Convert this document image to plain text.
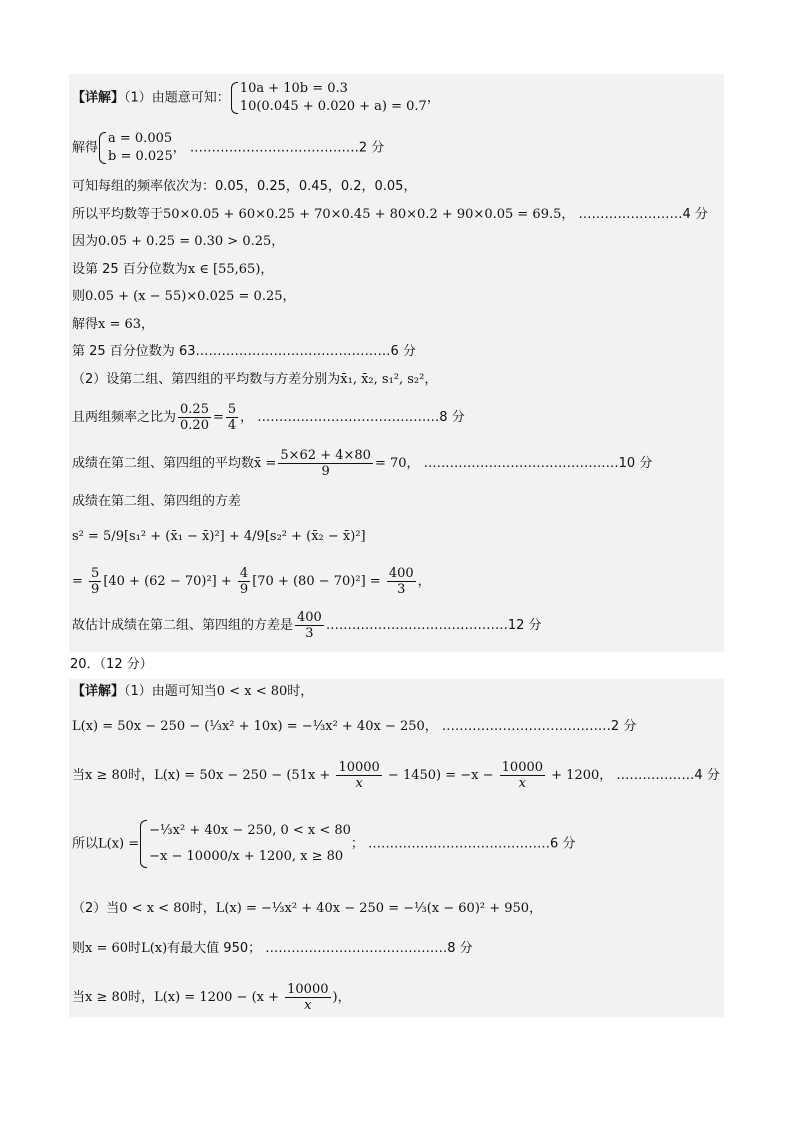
【详解】（1）由题意可知：
10a + 10b = 0.3
10(0.045 + 0.020 + a) = 0.7
，
解得
a = 0.005
b = 0.025
， …………………………………2 分
可知每组的频率依次为：0.05，0.25，0.45，0.2，0.05，
所以平均数等于50×0.05 + 60×0.25 + 70×0.45 + 80×0.2 + 90×0.05 = 69.5， ……………………4 分
因为0.05 + 0.25 = 0.30 > 0.25，
设第 25 百分位数为x ∈ [55,65)，
则0.05 + (x − 55)×0.025 = 0.25，
解得x = 63，
第 25 百分位数为 63………………………………………6 分
（2）设第二组、第四组的平均数与方差分别为x̄₁, x̄₂, s₁², s₂²，
且两组频率之比为 $\frac{0.25}{0.20} = \frac{5}{4}$ ， ……………………………………8 分
成绩在第二组、第四组的平均数x̄ = $\frac{5\times 62 + 4\times 80}{9} = 70$， ………………………………………10 分
成绩在第二组、第四组的方差
s² = 5/9[s₁² + (x̄₁ − x̄)²] + 4/9[s₂² + (x̄₂ − x̄)²]
= $\frac{5}{9} [40 + (62 - 70)^2] + \frac{4}{9} [70 + (80 - 70)^2] = \frac{400}{3}$ ，
故估计成绩在第二组、第四组的方差是 $\frac{400}{3}$ ……………………………………12 分
20．（12 分）
【详解】（1）由题可知当0 < x < 80时，
L(x) = 50x − 250 − (⅓x² + 10x) = −⅓x² + 40x − 250， …………………………………2 分
当x ≥ 80时，$L(x) = 50x - 250 - (51x + \frac{10000}{x} - 1450) = -x - \frac{10000}{x} + 1200$， ………………4 分
所以L(x) =
−⅓x² + 40x − 250, 0 < x < 80
−x − 10000/x + 1200, x ≥ 80
； ……………………………………6 分
（2）当0 < x < 80时，L(x) = −⅓x² + 40x − 250 = −⅓(x − 60)² + 950，
则x = 60时L(x)有最大值 950； ……………………………………8 分
当x ≥ 80时，$L(x) = 1200 - (x + \frac{10000}{x}$ )，
